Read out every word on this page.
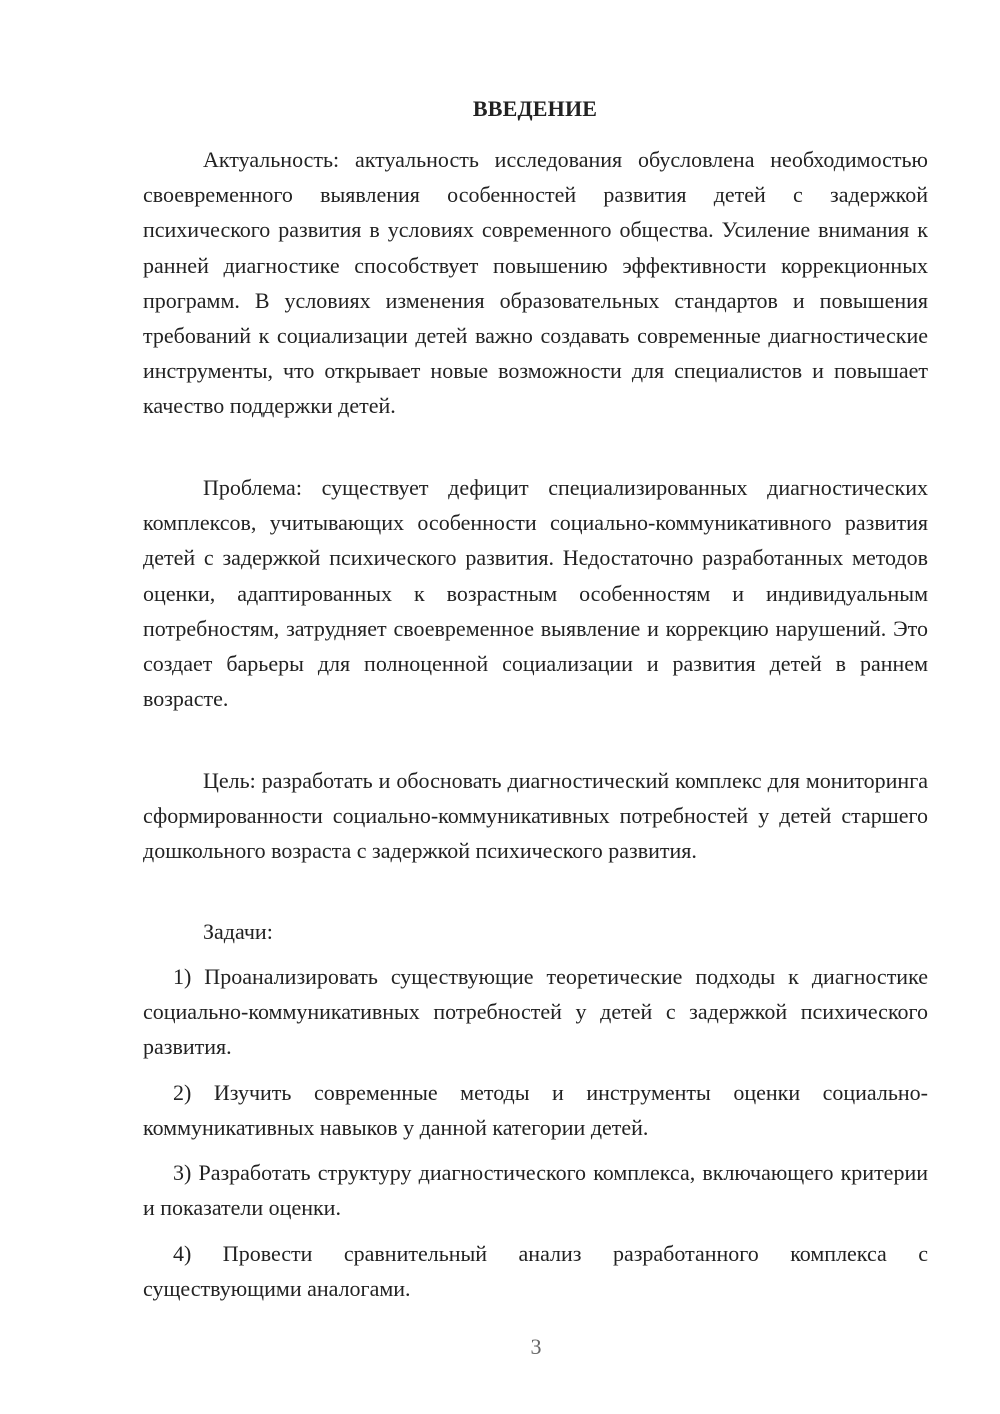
ВВЕДЕНИЕ

Актуальность: актуальность исследования обусловлена необходимостью своевременного выявления особенностей развития детей с задержкой психического развития в условиях современного общества. Усиление внимания к ранней диагностике способствует повышению эффективности коррекционных программ. В условиях изменения образовательных стандартов и повышения требований к социализации детей важно создавать современные диагностические инструменты, что открывает новые возможности для специалистов и повышает качество поддержки детей.

Проблема: существует дефицит специализированных диагностических комплексов, учитывающих особенности социально-коммуникативного развития детей с задержкой психического развития. Недостаточно разработанных методов оценки, адаптированных к возрастным особенностям и индивидуальным потребностям, затрудняет своевременное выявление и коррекцию нарушений. Это создает барьеры для полноценной социализации и развития детей в раннем возрасте.

Цель: разработать и обосновать диагностический комплекс для мониторинга сформированности социально-коммуникативных потребностей у детей старшего дошкольного возраста с задержкой психического развития.

Задачи:

1) Проанализировать существующие теоретические подходы к диагностике социально-коммуникативных потребностей у детей с задержкой психического развития.

2) Изучить современные методы и инструменты оценки социально-коммуникативных навыков у данной категории детей.

3) Разработать структуру диагностического комплекса, включающего критерии и показатели оценки.

4) Провести сравнительный анализ разработанного комплекса с существующими аналогами.

3
